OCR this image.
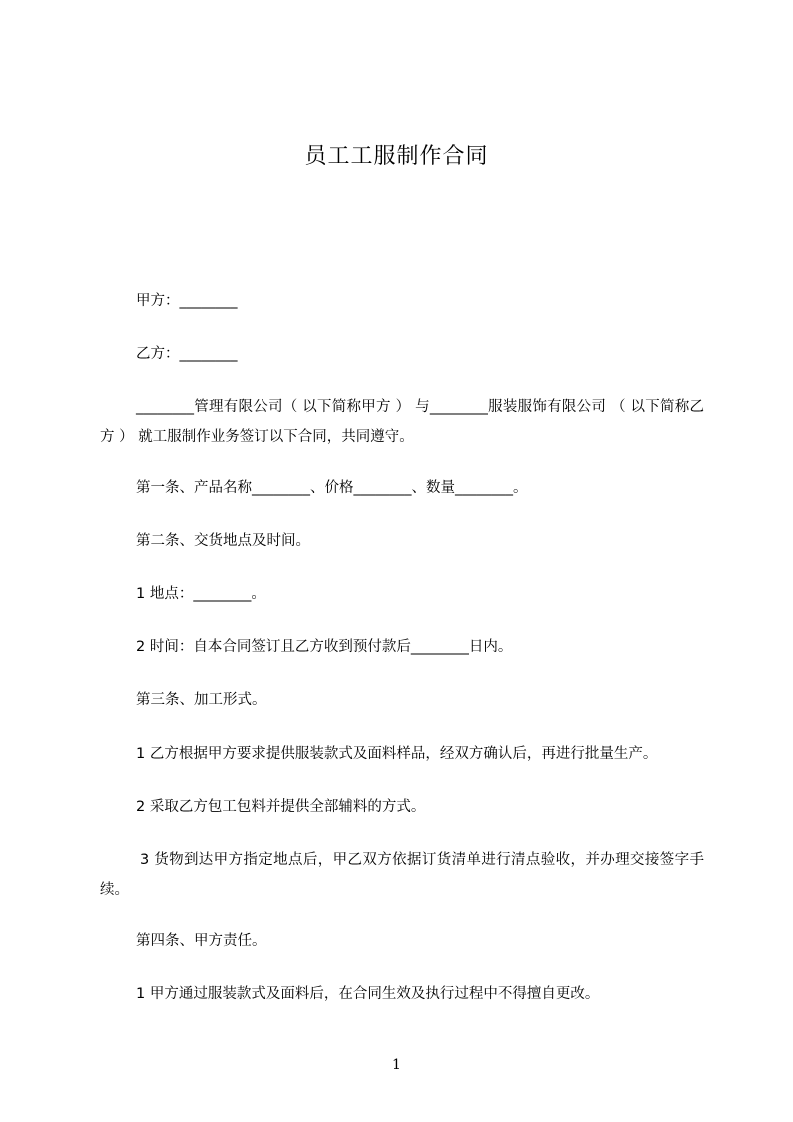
员工工服制作合同
甲方：________
乙方：________
________管理有限公司（ 以下简称甲方 ） 与________服装服饰有限公司 （ 以下简称乙方 ） 就工服制作业务签订以下合同，共同遵守。
第一条、产品名称________、价格________、数量________。
第二条、交货地点及时间。
1 地点：________。
2 时间：自本合同签订且乙方收到预付款后________日内。
第三条、加工形式。
1 乙方根据甲方要求提供服装款式及面料样品，经双方确认后，再进行批量生产。
2 采取乙方包工包料并提供全部辅料的方式。
3 货物到达甲方指定地点后，甲乙双方依据订货清单进行清点验收，并办理交接签字手续。
第四条、甲方责任。
1 甲方通过服装款式及面料后，在合同生效及执行过程中不得擅自更改。
1
